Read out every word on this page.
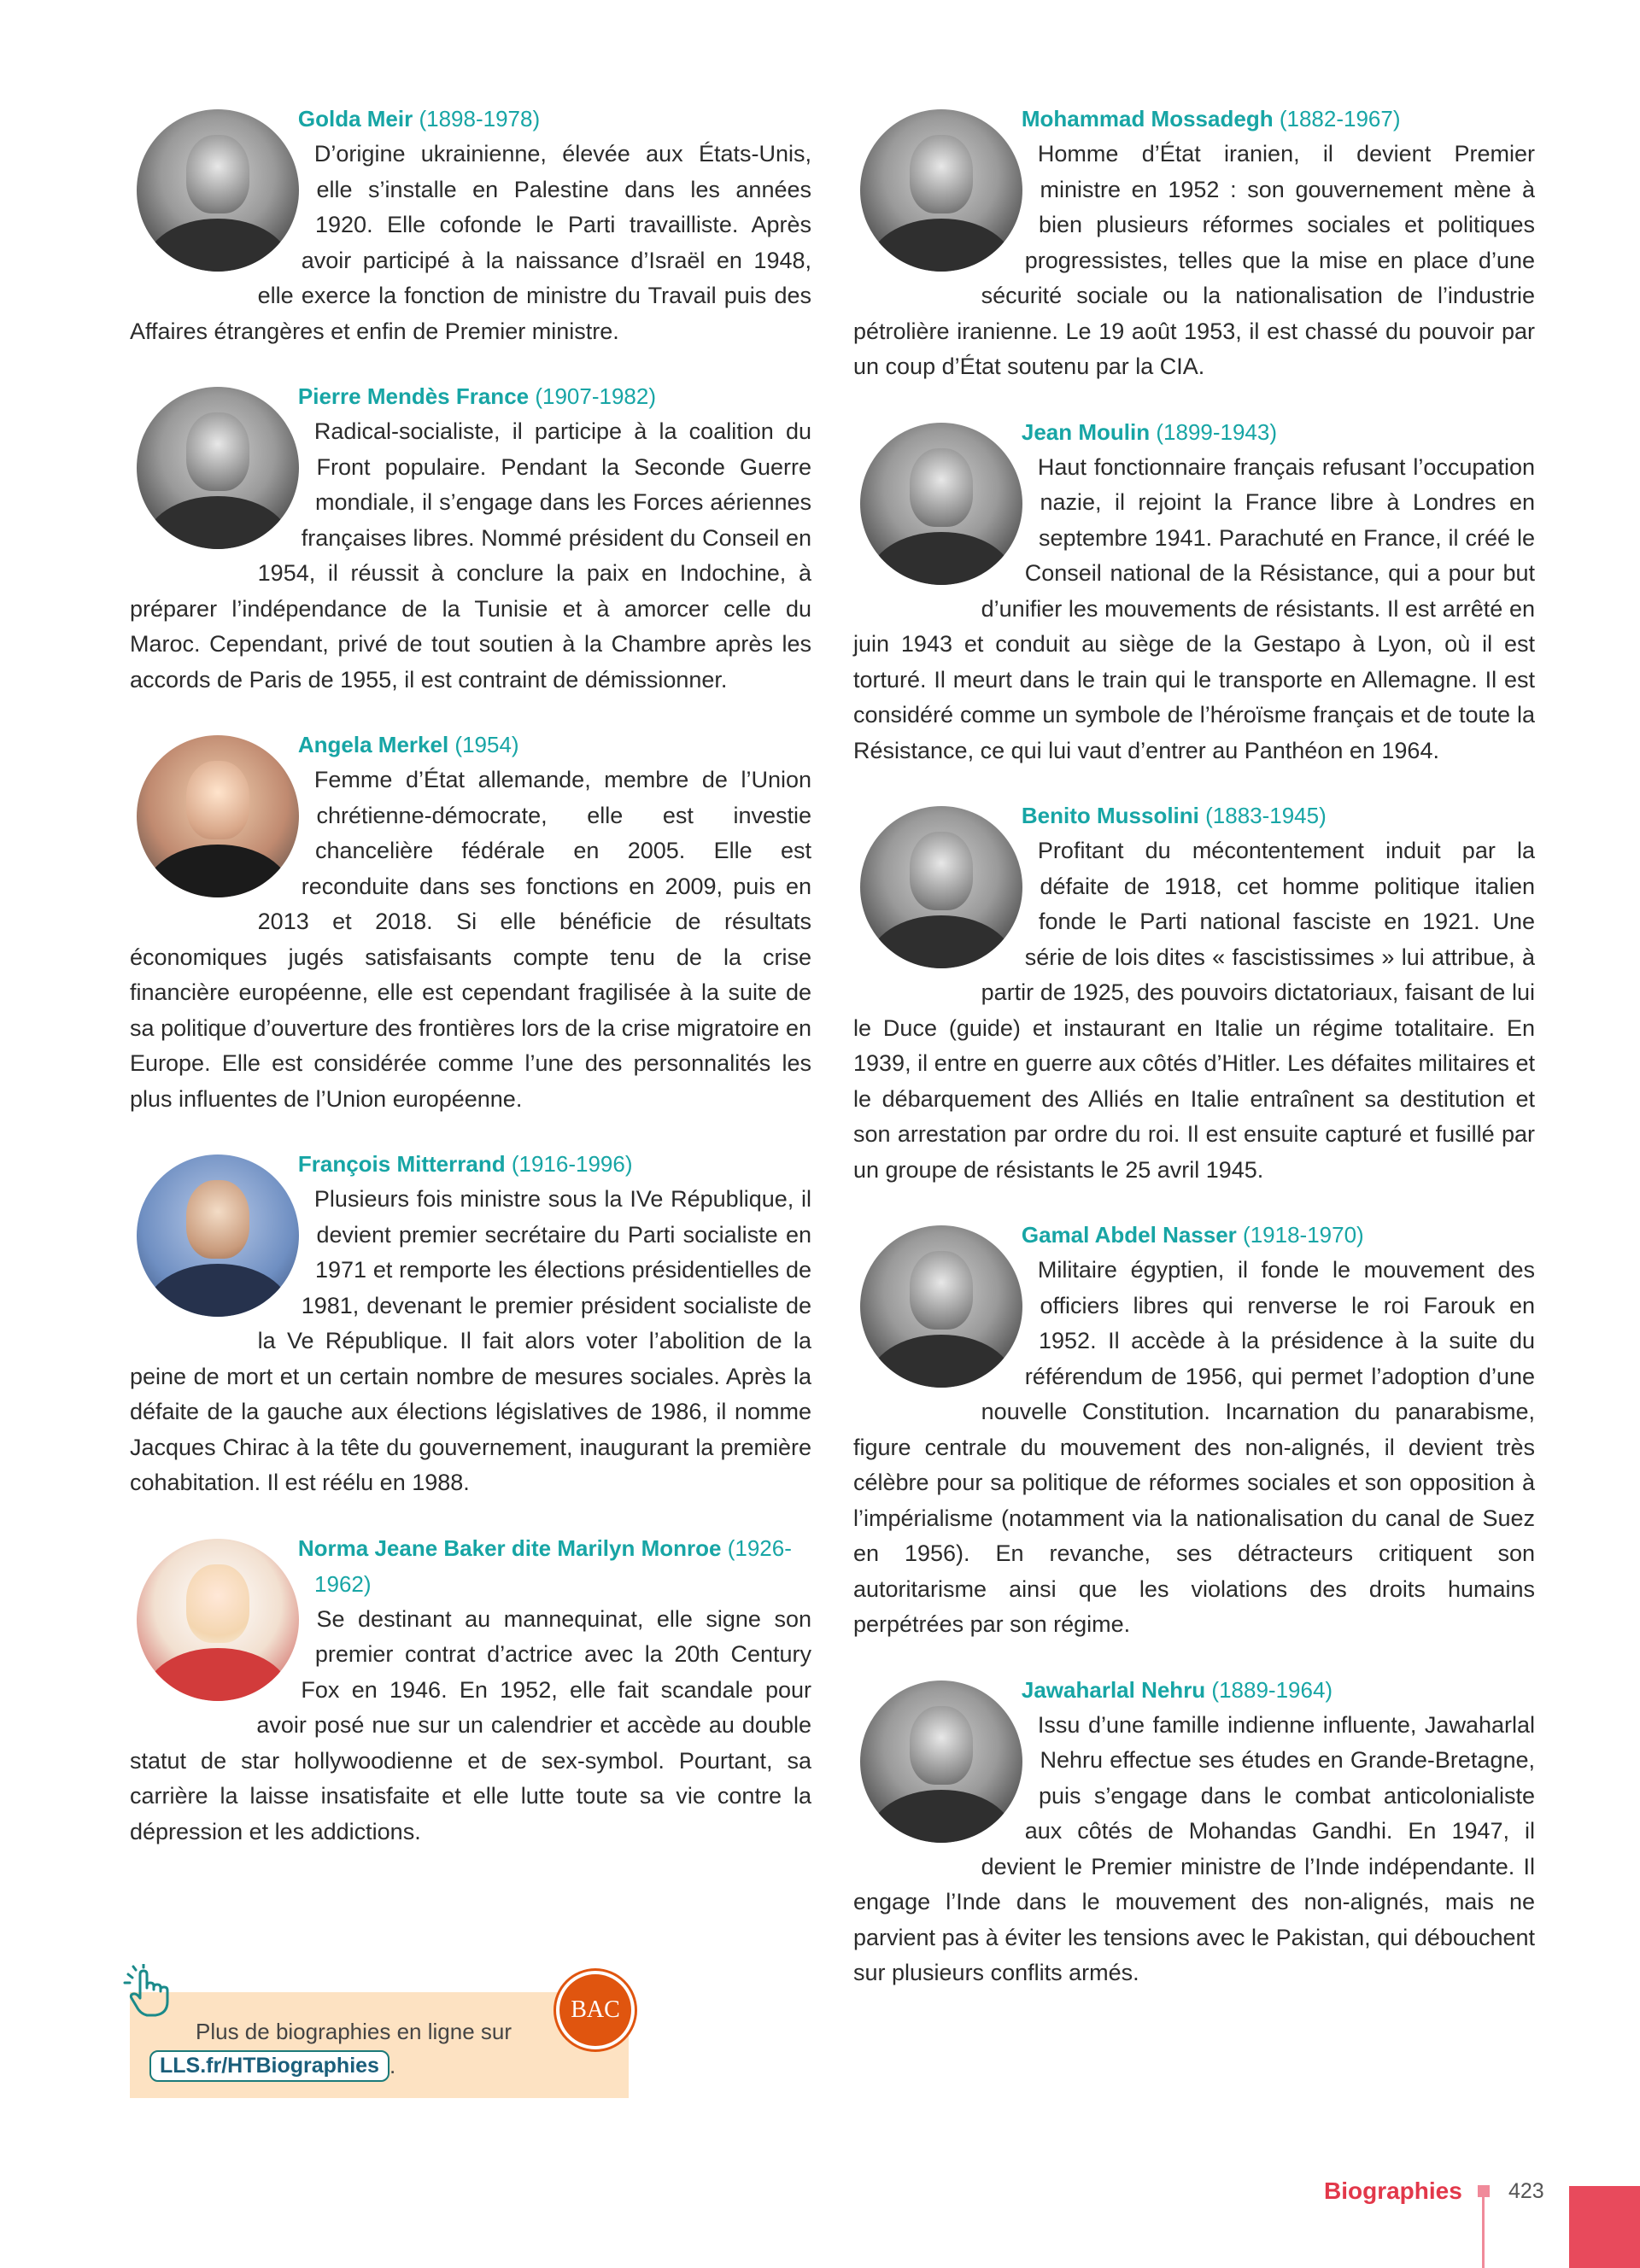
Golda Meir (1898-1978)

D’origine ukrainienne, élevée aux États-Unis, elle s’installe en Palestine dans les années 1920. Elle cofonde le Parti travailliste. Après avoir participé à la naissance d’Israël en 1948, elle exerce la fonction de ministre du Travail puis des Affaires étrangères et enfin de Premier ministre.

Pierre Mendès France (1907-1982)

Radical-socialiste, il participe à la coalition du Front populaire. Pendant la Seconde Guerre mondiale, il s’engage dans les Forces aériennes françaises libres. Nommé président du Conseil en 1954, il réussit à conclure la paix en Indochine, à préparer l’indépendance de la Tunisie et à amorcer celle du Maroc. Cependant, privé de tout soutien à la Chambre après les accords de Paris de 1955, il est contraint de démissionner.

Angela Merkel (1954)

Femme d’État allemande, membre de l’Union chrétienne-démocrate, elle est investie chancelière fédérale en 2005. Elle est reconduite dans ses fonctions en 2009, puis en 2013 et 2018. Si elle bénéficie de résultats économiques jugés satisfaisants compte tenu de la crise financière européenne, elle est cependant fragilisée à la suite de sa politique d’ouverture des frontières lors de la crise migratoire en Europe. Elle est considérée comme l’une des personnalités les plus influentes de l’Union européenne.

François Mitterrand (1916-1996)

Plusieurs fois ministre sous la IVe République, il devient premier secrétaire du Parti socialiste en 1971 et remporte les élections présidentielles de 1981, devenant le premier président socialiste de la Ve République. Il fait alors voter l’abolition de la peine de mort et un certain nombre de mesures sociales. Après la défaite de la gauche aux élections législatives de 1986, il nomme Jacques Chirac à la tête du gouvernement, inaugurant la première cohabitation. Il est réélu en 1988.

Norma Jeane Baker dite Marilyn Monroe (1926-1962)

Se destinant au mannequinat, elle signe son premier contrat d’actrice avec la 20th Century Fox en 1946. En 1952, elle fait scandale pour avoir posé nue sur un calendrier et accède au double statut de star hollywoodienne et de sex-symbol. Pourtant, sa carrière la laisse insatisfaite et elle lutte toute sa vie contre la dépression et les addictions.

Mohammad Mossadegh (1882-1967)

Homme d’État iranien, il devient Premier ministre en 1952 : son gouvernement mène à bien plusieurs réformes sociales et politiques progressistes, telles que la mise en place d’une sécurité sociale ou la nationalisation de l’industrie pétrolière iranienne. Le 19 août 1953, il est chassé du pouvoir par un coup d’État soutenu par la CIA.

Jean Moulin (1899-1943)

Haut fonctionnaire français refusant l’occupation nazie, il rejoint la France libre à Londres en septembre 1941. Parachuté en France, il créé le Conseil national de la Résistance, qui a pour but d’unifier les mouvements de résistants. Il est arrêté en juin 1943 et conduit au siège de la Gestapo à Lyon, où il est torturé. Il meurt dans le train qui le transporte en Allemagne. Il est considéré comme un symbole de l’héroïsme français et de toute la Résistance, ce qui lui vaut d’entrer au Panthéon en 1964.

Benito Mussolini (1883-1945)

Profitant du mécontentement induit par la défaite de 1918, cet homme politique italien fonde le Parti national fasciste en 1921. Une série de lois dites « fascistissimes » lui attribue, à partir de 1925, des pouvoirs dictatoriaux, faisant de lui le Duce (guide) et instaurant en Italie un régime totalitaire. En 1939, il entre en guerre aux côtés d’Hitler. Les défaites militaires et le débarquement des Alliés en Italie entraînent sa destitution et son arrestation par ordre du roi. Il est ensuite capturé et fusillé par un groupe de résistants le 25 avril 1945.

Gamal Abdel Nasser (1918-1970)

Militaire égyptien, il fonde le mouvement des officiers libres qui renverse le roi Farouk en 1952. Il accède à la présidence à la suite du référendum de 1956, qui permet l’adoption d’une nouvelle Constitution. Incarnation du panarabisme, figure centrale du mouvement des non-alignés, il devient très célèbre pour sa politique de réformes sociales et son opposition à l’impérialisme (notamment via la nationalisation du canal de Suez en 1956). En revanche, ses détracteurs critiquent son autoritarisme ainsi que les violations des droits humains perpétrées par son régime.

Jawaharlal Nehru (1889-1964)

Issu d’une famille indienne influente, Jawaharlal Nehru effectue ses études en Grande-Bretagne, puis s’engage dans le combat anticolonialiste aux côtés de Mohandas Gandhi. En 1947, il devient le Premier ministre de l’Inde indépendante. Il engage l’Inde dans le mouvement des non-alignés, mais ne parvient pas à éviter les tensions avec le Pakistan, qui débouchent sur plusieurs conflits armés.

BAC
Plus de biographies en ligne sur
LLS.fr/HTBiographies .
Biographies 423
